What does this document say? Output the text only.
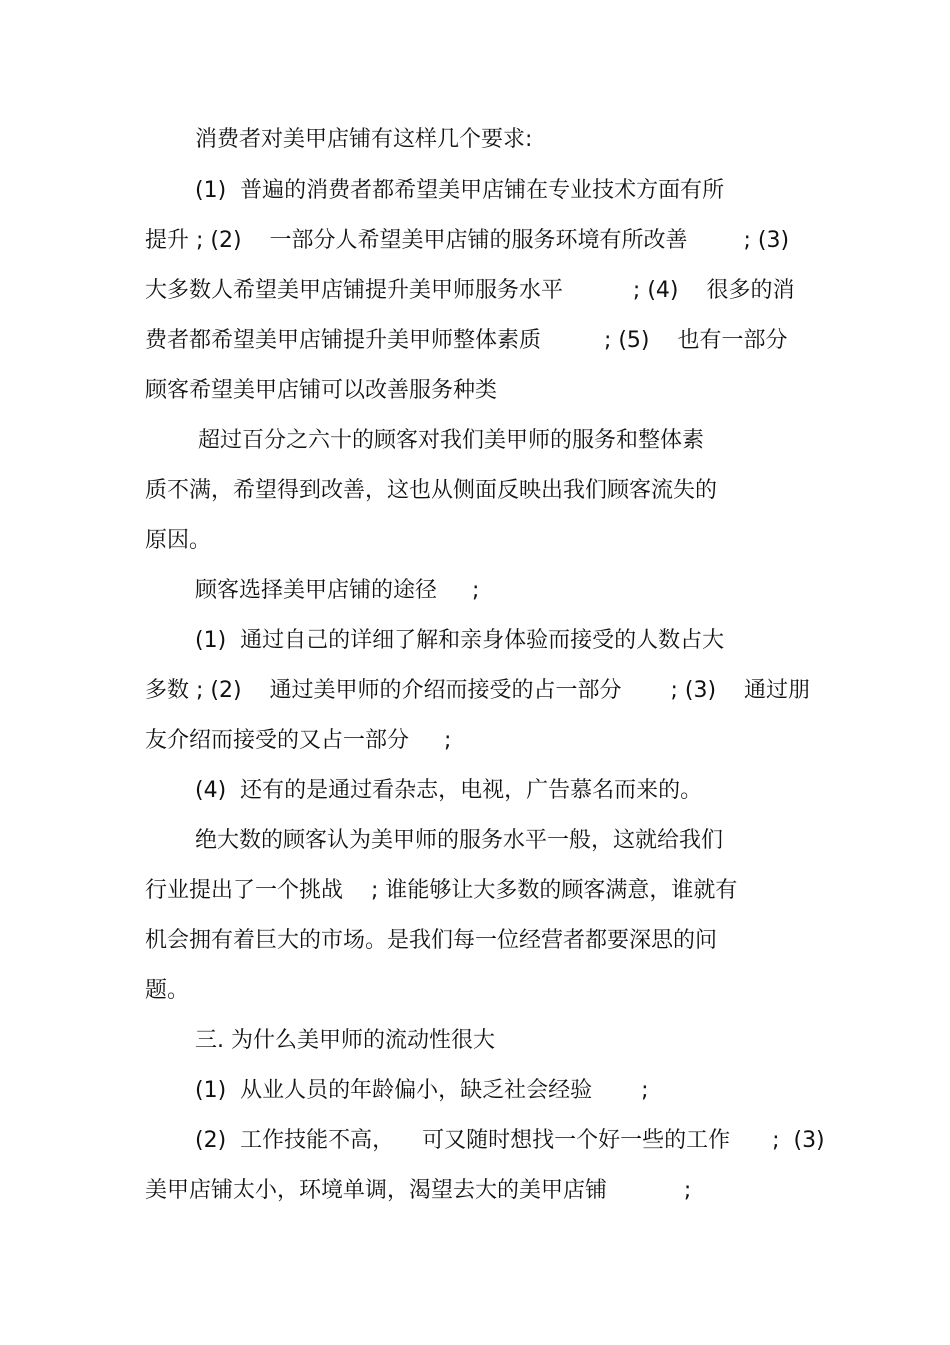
消费者对美甲店铺有这样几个要求:
(1)  普遍的消费者都希望美甲店铺在专业技术方面有所
提升 ; (2)    一部分人希望美甲店铺的服务环境有所改善        ; (3)
大多数人希望美甲店铺提升美甲师服务水平          ; (4)    很多的消
费者都希望美甲店铺提升美甲师整体素质         ; (5)    也有一部分
顾客希望美甲店铺可以改善服务种类
超过百分之六十的顾客对我们美甲师的服务和整体素
质不满，希望得到改善，这也从侧面反映出我们顾客流失的
原因。
顾客选择美甲店铺的途径     ;
(1)  通过自己的详细了解和亲身体验而接受的人数占大
多数 ; (2)    通过美甲师的介绍而接受的占一部分       ; (3)    通过朋
友介绍而接受的又占一部分     ;
(4)  还有的是通过看杂志，电视，广告慕名而来的。
绝大数的顾客认为美甲师的服务水平一般，这就给我们
行业提出了一个挑战    ; 谁能够让大多数的顾客满意，谁就有
机会拥有着巨大的市场。是我们每一位经营者都要深思的问
题。
三. 为什么美甲师的流动性很大
(1)  从业人员的年龄偏小，缺乏社会经验       ;
(2)  工作技能不高，    可又随时想找一个好一些的工作      ;  (3)
美甲店铺太小，环境单调，渴望去大的美甲店铺           ;
